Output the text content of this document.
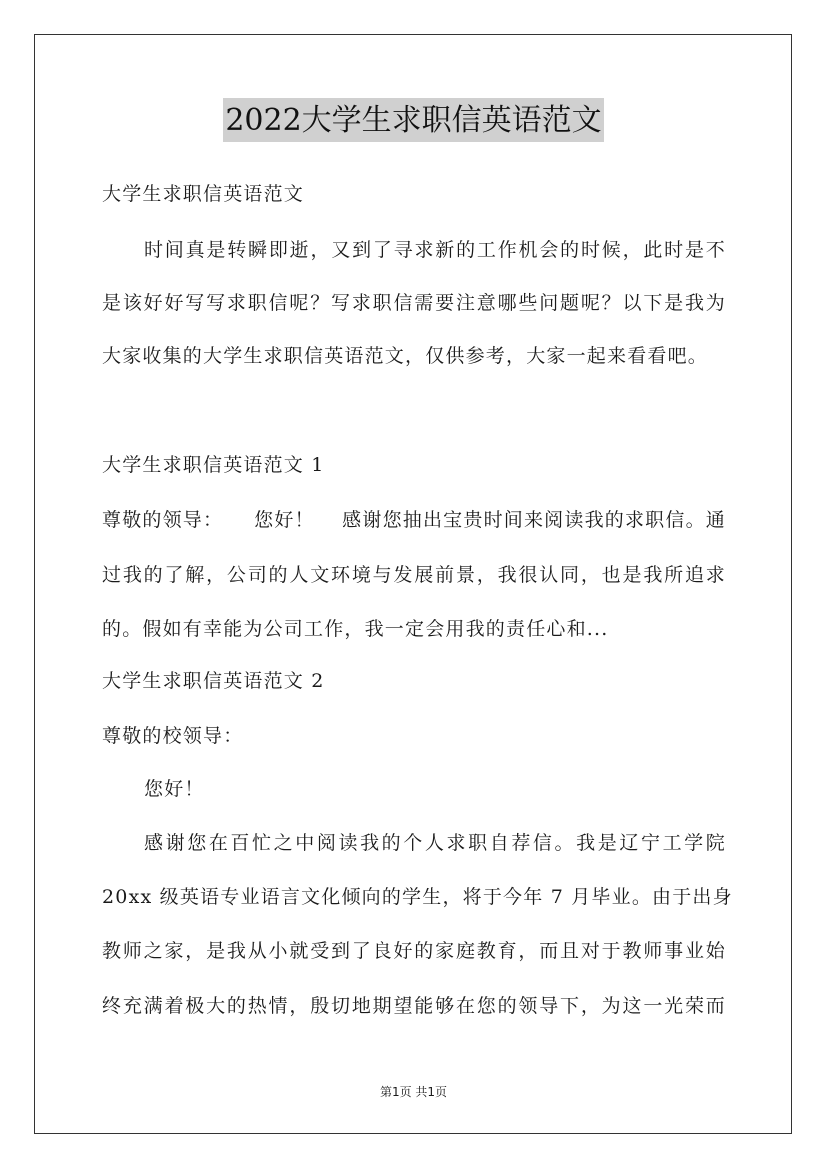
2022大学生求职信英语范文
大学生求职信英语范文
时间真是转瞬即逝，又到了寻求新的工作机会的时候，此时是不
是该好好写写求职信呢？写求职信需要注意哪些问题呢？以下是我为
大家收集的大学生求职信英语范文，仅供参考，大家一起来看看吧。
大学生求职信英语范文 1
尊敬的领导：　　您好！　 感谢您抽出宝贵时间来阅读我的求职信。通
过我的了解，公司的人文环境与发展前景，我很认同，也是我所追求
的。假如有幸能为公司工作，我一定会用我的责任心和...
大学生求职信英语范文 2
尊敬的校领导：
您好！
感谢您在百忙之中阅读我的个人求职自荐信。我是辽宁工学院
20xx 级英语专业语言文化倾向的学生，将于今年 7 月毕业。由于出身
教师之家，是我从小就受到了良好的家庭教育，而且对于教师事业始
终充满着极大的热情，殷切地期望能够在您的领导下，为这一光荣而
第1页 共1页
